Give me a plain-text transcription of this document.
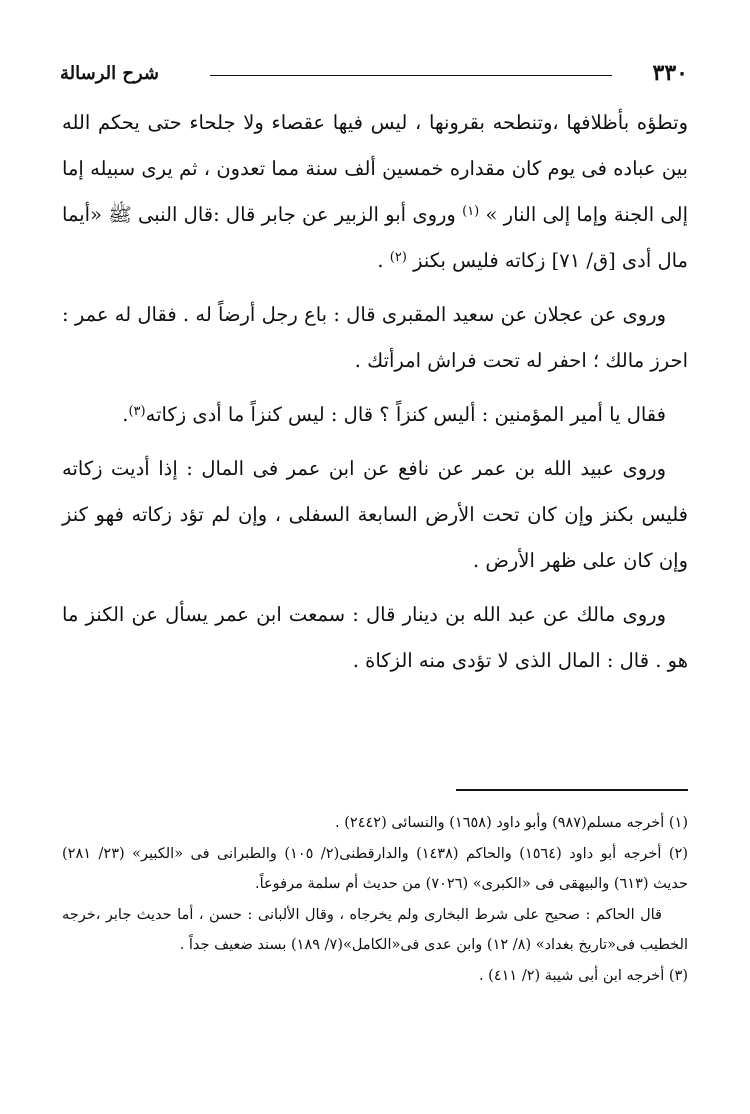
٣٣٠
شرح الرسالة

وتطؤه بأظلافها ،وتنطحه بقرونها ، ليس فيها عقصاء ولا جلحاء حتى يحكم الله بين عباده فى يوم كان مقداره خمسين ألف سنة مما تعدون ، ثم يرى سبيله إما إلى الجنة وإما إلى النار » $^{(١)}$ وروى أبو الزبير عن جابر قال :قال النبى ﷺ «أيما مال أدى [ق/ ٧١] زكاته فليس بكنز $^{(٢)}$ .

وروى عن عجلان عن سعيد المقبرى قال : باع رجل أرضاً له . فقال له عمر : احرز مالك ؛ احفر له تحت فراش امرأتك .

فقال يا أمير المؤمنين : أليس كنزاً ؟ قال : ليس كنزاً ما أدى زكاته$^{(٣)}$.

وروى عبيد الله بن عمر عن نافع عن ابن عمر فى المال : إذا أديت زكاته فليس بكنز وإن كان تحت الأرض السابعة السفلى ، وإن لم تؤد زكاته فهو كنز وإن كان على ظهر الأرض .

وروى مالك عن عبد الله بن دينار قال : سمعت ابن عمر يسأل عن الكنز ما هو . قال : المال الذى لا تؤدى منه الزكاة .

(١) أخرجه مسلم(٩٨٧) وأبو داود (١٦٥٨) والنسائى (٢٤٤٢) .

(٢) أخرجه أبو داود (١٥٦٤) والحاكم (١٤٣٨) والدارقطنى(٢/ ١٠٥) والطبرانى فى «الكبير» (٢٣/ ٢٨١) حديث (٦١٣) والبيهقى فى «الكبرى» (٧٠٢٦) من حديث أم سلمة مرفوعاً.

قال الحاكم : صحيح على شرط البخارى ولم يخرجاه ، وقال الألبانى : حسن ، أما حديث جابر ،خرجه الخطيب فى«تاريخ بغداد» (٨/ ١٢) وابن عدى فى«الكامل»(٧/ ١٨٩) بسند ضعيف جداً .

(٣) أخرجه ابن أبى شيبة (٢/ ٤١١) .
